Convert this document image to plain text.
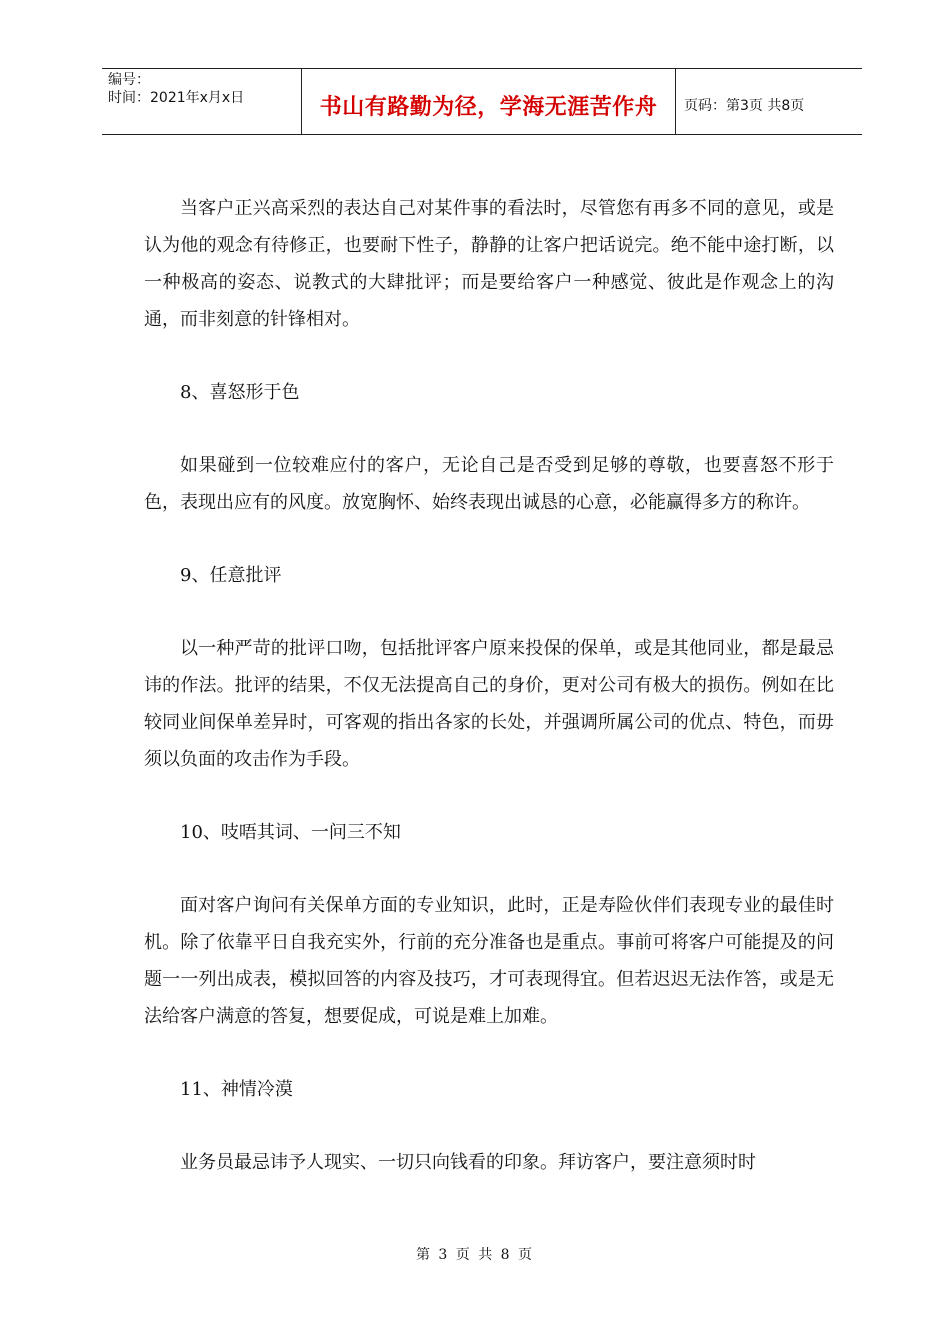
编号：
时间：2021年x月x日	书山有路勤为径，学海无涯苦作舟	页码：第3页 共8页

当客户正兴高采烈的表达自己对某件事的看法时，尽管您有再多不同的意见，或是认为他的观念有待修正，也要耐下性子，静静的让客户把话说完。绝不能中途打断，以一种极高的姿态、说教式的大肆批评；而是要给客户一种感觉、彼此是作观念上的沟通，而非刻意的针锋相对。

8、喜怒形于色

如果碰到一位较难应付的客户，无论自己是否受到足够的尊敬，也要喜怒不形于色，表现出应有的风度。放宽胸怀、始终表现出诚恳的心意，必能赢得多方的称许。

9、任意批评

以一种严苛的批评口吻，包括批评客户原来投保的保单，或是其他同业，都是最忌讳的作法。批评的结果，不仅无法提高自己的身价，更对公司有极大的损伤。例如在比较同业间保单差异时，可客观的指出各家的长处，并强调所属公司的优点、特色，而毋须以负面的攻击作为手段。

10、吱唔其词、一问三不知

面对客户询问有关保单方面的专业知识，此时，正是寿险伙伴们表现专业的最佳时机。除了依靠平日自我充实外，行前的充分准备也是重点。事前可将客户可能提及的问题一一列出成表，模拟回答的内容及技巧，才可表现得宜。但若迟迟无法作答，或是无法给客户满意的答复，想要促成，可说是难上加难。

11、神情冷漠

业务员最忌讳予人现实、一切只向钱看的印象。拜访客户，要注意须时时

第 3 页 共 8 页
